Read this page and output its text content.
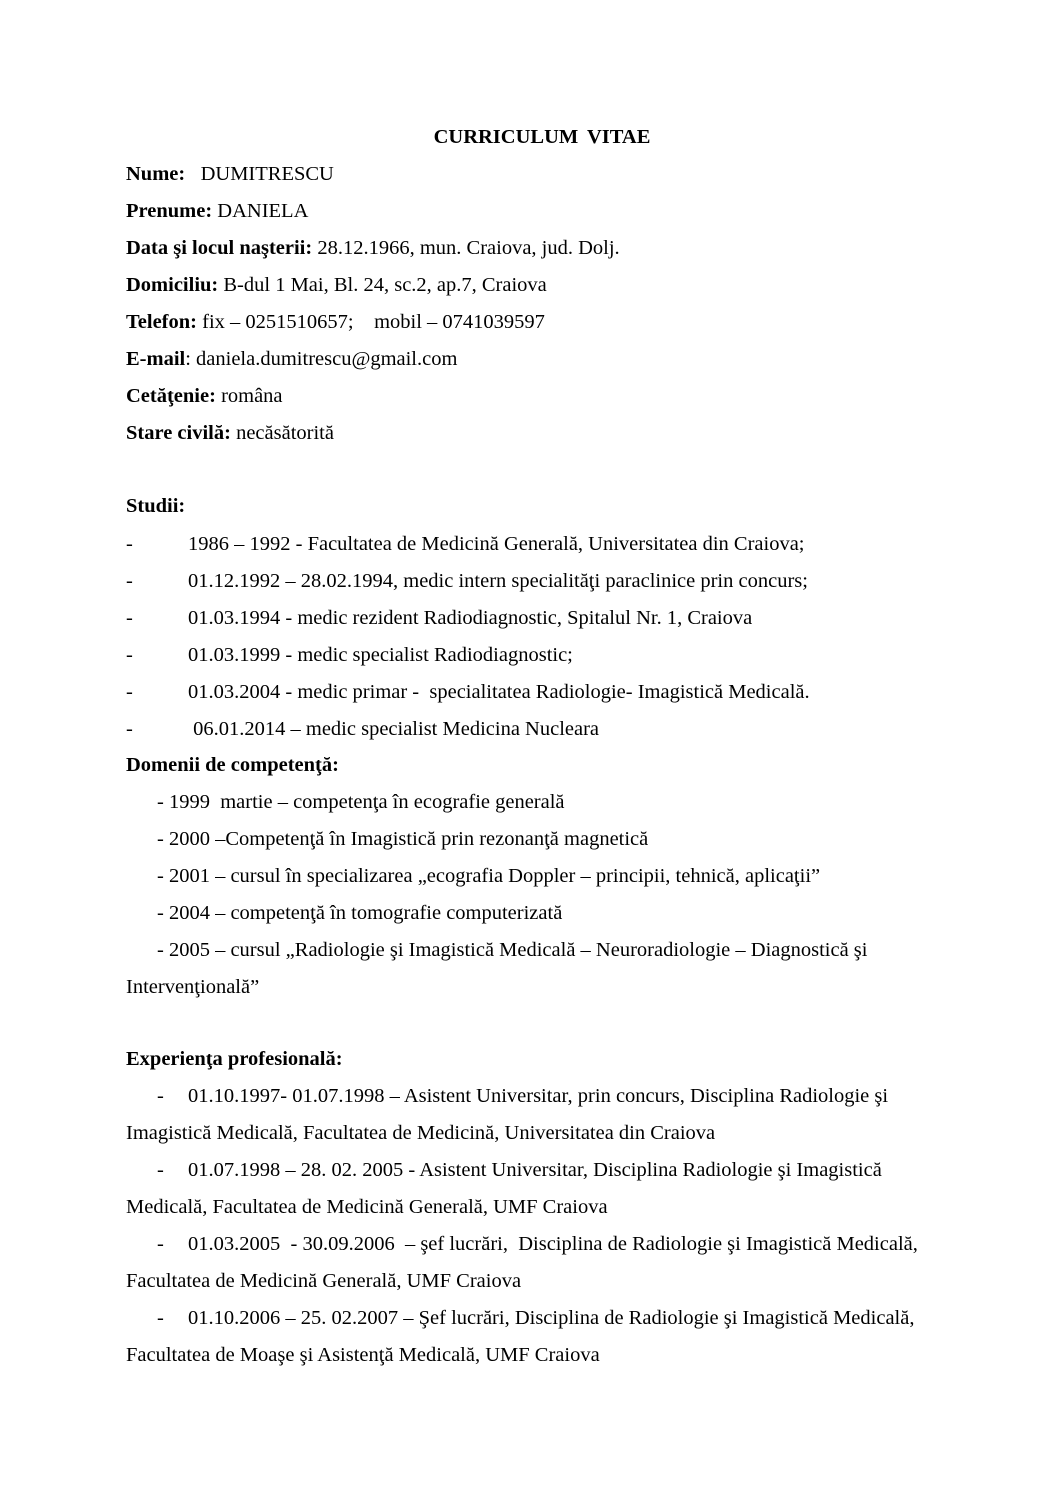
CURRICULUM VITAE
Nume: DUMITRESCU
Prenume: DANIELA
Data şi locul naşterii: 28.12.1966, mun. Craiova, jud. Dolj.
Domiciliu: B-dul 1 Mai, Bl. 24, sc.2, ap.7, Craiova
Telefon: fix – 0251510657;    mobil – 0741039597
E-mail: daniela.dumitrescu@gmail.com
Cetăţenie: româna
Stare civilă: necăsătorită
Studii:
-	1986 – 1992 - Facultatea de Medicină Generală, Universitatea din Craiova;
-	01.12.1992 – 28.02.1994, medic intern specialităţi paraclinice prin concurs;
-	01.03.1994 - medic rezident Radiodiagnostic, Spitalul Nr. 1, Craiova
-	01.03.1999 - medic specialist Radiodiagnostic;
-	01.03.2004 - medic primar -  specialitatea Radiologie- Imagistică Medicală.
-	06.01.2014 – medic specialist Medicina Nucleara
Domenii de competenţă:
- 1999  martie – competenţa în ecografie generală
- 2000 –Competenţă în Imagistică prin rezonanţă magnetică
- 2001 – cursul în specializarea „ecografia Doppler – principii, tehnică, aplicaţii”
- 2004 – competenţă în tomografie computerizată
- 2005 – cursul „Radiologie şi Imagistică Medicală – Neuroradiologie – Diagnostică şi
Intervenţională”
Experienţa profesională:
- 01.10.1997- 01.07.1998 – Asistent Universitar, prin concurs, Disciplina Radiologie şi
Imagistică Medicală, Facultatea de Medicină, Universitatea din Craiova
- 01.07.1998 – 28. 02. 2005 - Asistent Universitar, Disciplina Radiologie şi Imagistică
Medicală, Facultatea de Medicină Generală, UMF Craiova
- 01.03.2005  - 30.09.2006  – şef lucrări,  Disciplina de Radiologie şi Imagistică Medicală,
Facultatea de Medicină Generală, UMF Craiova
- 01.10.2006 – 25. 02.2007 – Şef lucrări, Disciplina de Radiologie şi Imagistică Medicală,
Facultatea de Moaşe şi Asistenţă Medicală, UMF Craiova
